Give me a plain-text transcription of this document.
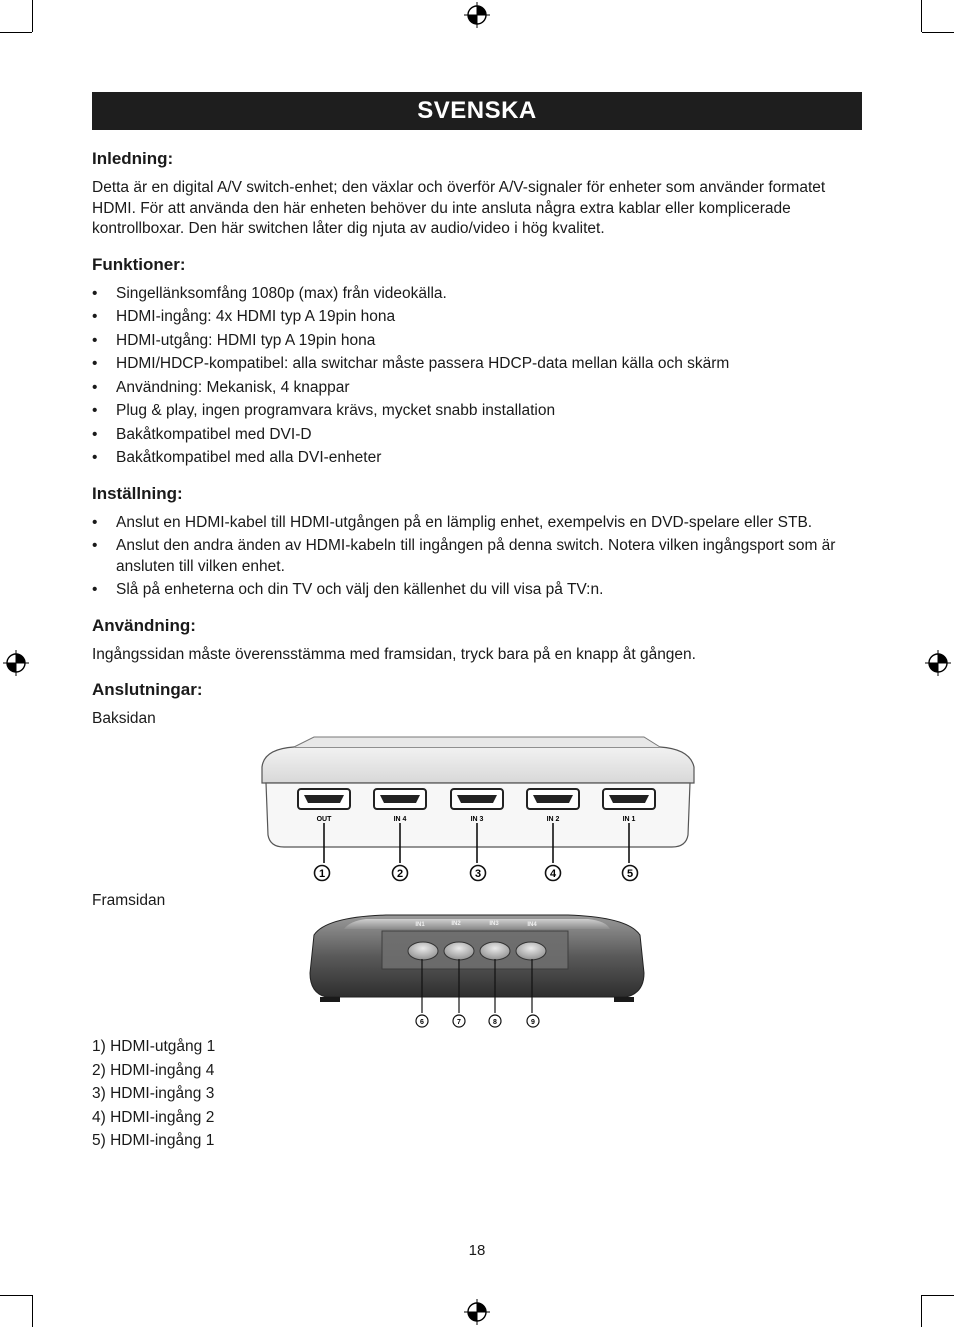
SVENSKA
Inledning:

Detta är en digital A/V switch-enhet; den växlar och överför A/V-signaler för enheter som använder formatet HDMI. För att använda den här enheten behöver du inte ansluta några extra kablar eller komplicerade kontrollboxar. Den här switchen låter dig njuta av audio/video i hög kvalitet.

Funktioner:
• Singellänksomfång 1080p (max) från videokälla.
• HDMI-ingång: 4x HDMI typ A 19pin hona
• HDMI-utgång: HDMI typ A 19pin hona
• HDMI/HDCP-kompatibel: alla switchar måste passera HDCP-data mellan källa och skärm
• Användning: Mekanisk, 4 knappar
• Plug & play, ingen programvara krävs, mycket snabb installation
• Bakåtkompatibel med DVI-D
• Bakåtkompatibel med alla DVI-enheter
Inställning:
• Anslut en HDMI-kabel till HDMI-utgången på en lämplig enhet, exempelvis en DVD-spelare eller STB.
• Anslut den andra änden av HDMI-kabeln till ingången på denna switch. Notera vilken ingångsport som är ansluten till vilken enhet.
• Slå på enheterna och din TV och välj den källenhet du vill visa på TV:n.
Användning:

Ingångssidan måste överensstämma med framsidan, tryck bara på en knapp åt gången.

Anslutningar:
Baksidan
OUT	IN 4	IN 3	IN 2	IN 1
1	2	3	4	5
Framsidan
IN1	IN2	IN3	IN4
6	7	8	9
1) HDMI-utgång 1
2) HDMI-ingång 4
3) HDMI-ingång 3
4) HDMI-ingång 2
5) HDMI-ingång 1
18
